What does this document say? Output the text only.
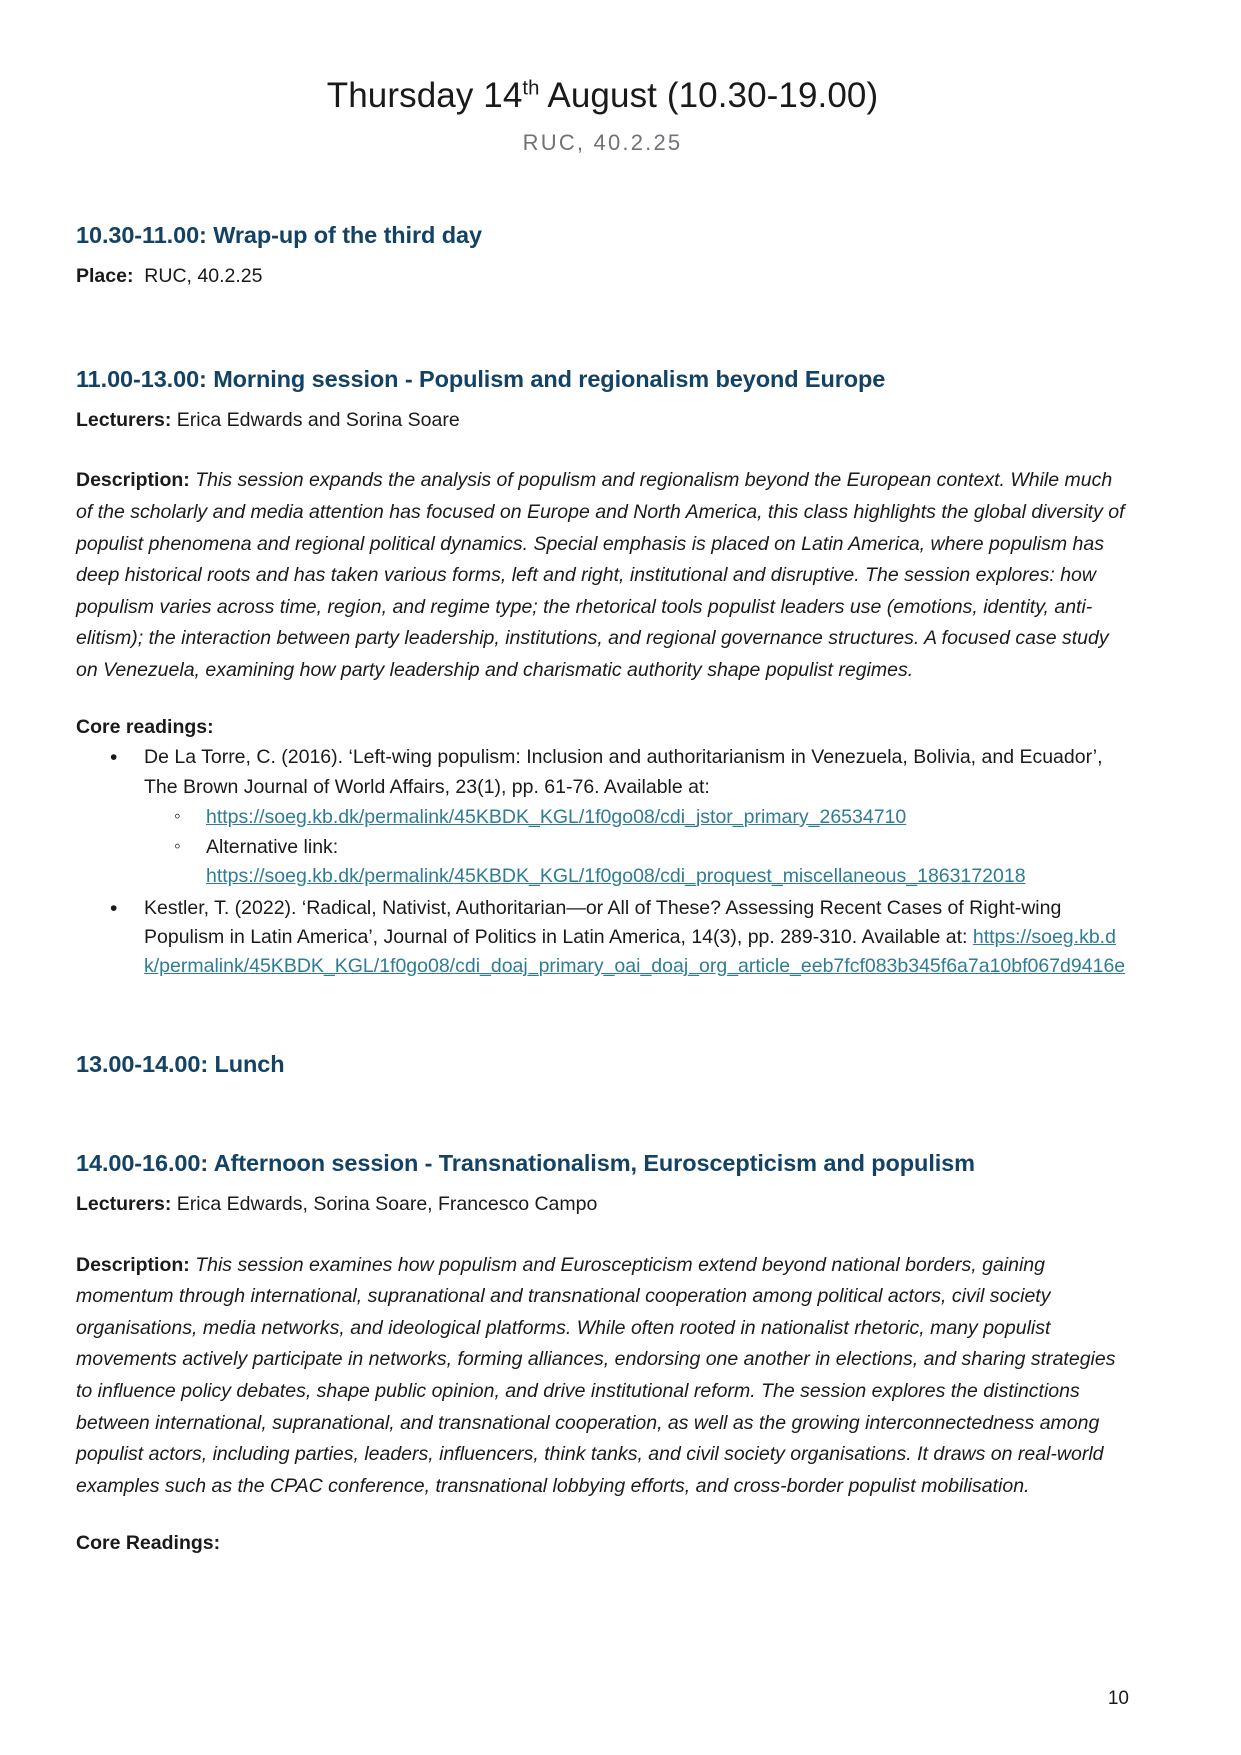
Thursday 14th August (10.30-19.00)
RUC, 40.2.25
10.30-11.00: Wrap-up of the third day
Place: RUC, 40.2.25
11.00-13.00: Morning session - Populism and regionalism beyond Europe
Lecturers: Erica Edwards and Sorina Soare

Description: This session expands the analysis of populism and regionalism beyond the European context. While much of the scholarly and media attention has focused on Europe and North America, this class highlights the global diversity of populist phenomena and regional political dynamics. Special emphasis is placed on Latin America, where populism has deep historical roots and has taken various forms, left and right, institutional and disruptive. The session explores: how populism varies across time, region, and regime type; the rhetorical tools populist leaders use (emotions, identity, anti-elitism); the interaction between party leadership, institutions, and regional governance structures. A focused case study on Venezuela, examining how party leadership and charismatic authority shape populist regimes.

Core readings:
• De La Torre, C. (2016). ‘Left-wing populism: Inclusion and authoritarianism in Venezuela, Bolivia, and Ecuador’, The Brown Journal of World Affairs, 23(1), pp. 61-76. Available at:
◦ https://soeg.kb.dk/permalink/45KBDK_KGL/1f0go08/cdi_jstor_primary_26534710
◦ Alternative link:
https://soeg.kb.dk/permalink/45KBDK_KGL/1f0go08/cdi_proquest_miscellaneous_1863172018
• Kestler, T. (2022). ‘Radical, Nativist, Authoritarian—or All of These? Assessing Recent Cases of Right-wing Populism in Latin America’, Journal of Politics in Latin America, 14(3), pp. 289-310. Available at: https://soeg.kb.dk/permalink/45KBDK_KGL/1f0go08/cdi_doaj_primary_oai_doaj_org_article_eeb7fcf083b345f6a7a10bf067d9416e
13.00-14.00: Lunch
14.00-16.00: Afternoon session - Transnationalism, Euroscepticism and populism
Lecturers: Erica Edwards, Sorina Soare, Francesco Campo

Description: This session examines how populism and Euroscepticism extend beyond national borders, gaining momentum through international, supranational and transnational cooperation among political actors, civil society organisations, media networks, and ideological platforms. While often rooted in nationalist rhetoric, many populist movements actively participate in networks, forming alliances, endorsing one another in elections, and sharing strategies to influence policy debates, shape public opinion, and drive institutional reform. The session explores the distinctions between international, supranational, and transnational cooperation, as well as the growing interconnectedness among populist actors, including parties, leaders, influencers, think tanks, and civil society organisations. It draws on real-world examples such as the CPAC conference, transnational lobbying efforts, and cross-border populist mobilisation.

Core Readings:
10
